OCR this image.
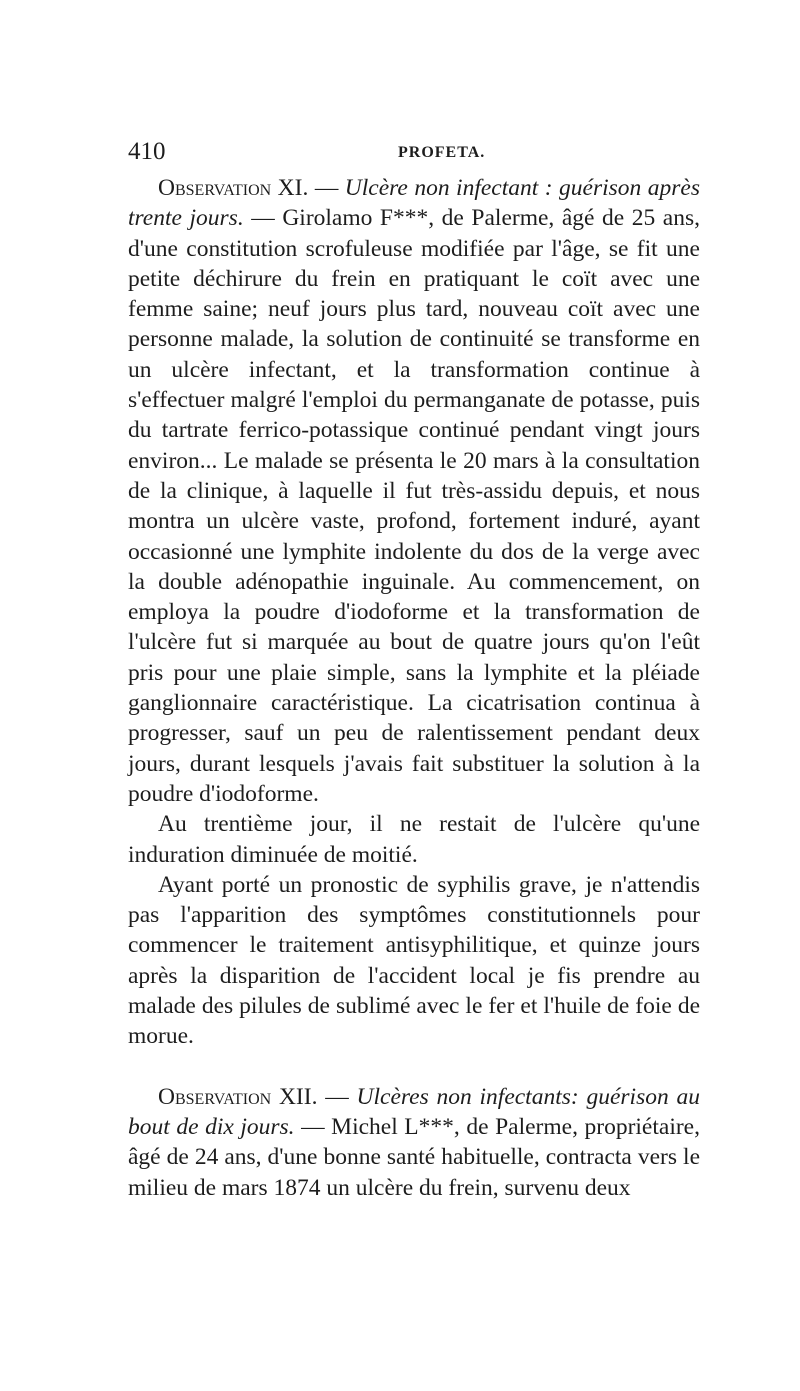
410	PROFETA.

Observation XI. — Ulcère non infectant : guérison après trente jours. — Girolamo F***, de Palerme, âgé de 25 ans, d'une constitution scrofuleuse modifiée par l'âge, se fit une petite déchirure du frein en pratiquant le coït avec une femme saine; neuf jours plus tard, nouveau coït avec une personne malade, la solution de continuité se transforme en un ulcère infectant, et la transformation continue à s'effectuer malgré l'emploi du permanganate de potasse, puis du tartrate ferrico-potassique continué pendant vingt jours environ... Le malade se présenta le 20 mars à la consultation de la clinique, à laquelle il fut très-assidu depuis, et nous montra un ulcère vaste, profond, fortement induré, ayant occasionné une lymphite indolente du dos de la verge avec la double adénopathie inguinale. Au commencement, on employa la poudre d'iodoforme et la transformation de l'ulcère fut si marquée au bout de quatre jours qu'on l'eût pris pour une plaie simple, sans la lymphite et la pléiade ganglionnaire caractéristique. La cicatrisation continua à progresser, sauf un peu de ralentissement pendant deux jours, durant lesquels j'avais fait substituer la solution à la poudre d'iodoforme.

Au trentième jour, il ne restait de l'ulcère qu'une induration diminuée de moitié.

Ayant porté un pronostic de syphilis grave, je n'attendis pas l'apparition des symptômes constitutionnels pour commencer le traitement antisyphilitique, et quinze jours après la disparition de l'accident local je fis prendre au malade des pilules de sublimé avec le fer et l'huile de foie de morue.

Observation XII. — Ulcères non infectants: guérison au bout de dix jours. — Michel L***, de Palerme, propriétaire, âgé de 24 ans, d'une bonne santé habituelle, contracta vers le milieu de mars 1874 un ulcère du frein, survenu deux
